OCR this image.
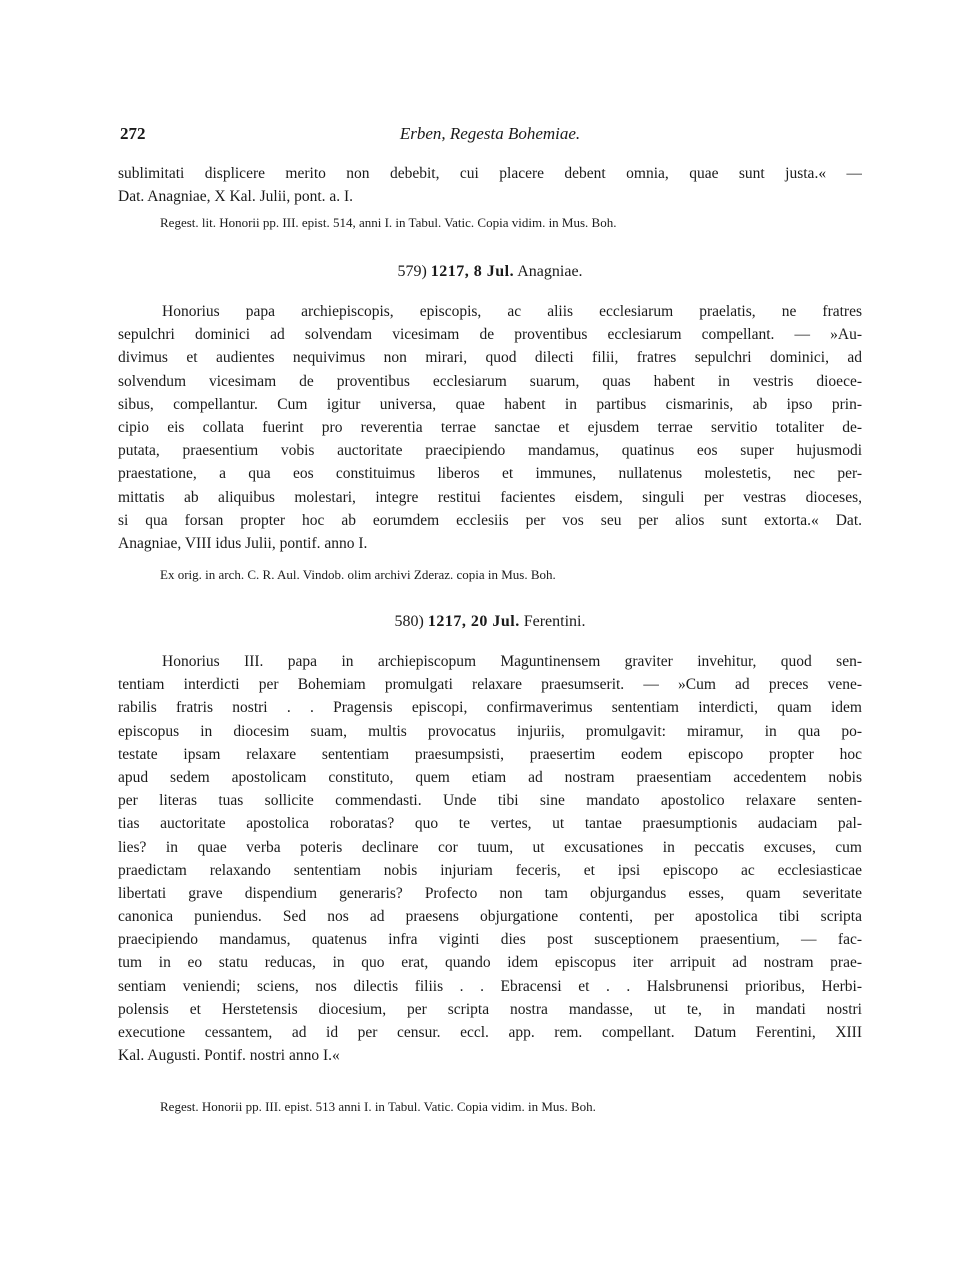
272	Erben, Regesta Bohemiae.
sublimitati displicere merito non debebit, cui placere debent omnia, quae sunt justa.« —
Dat. Anagniae, X Kal. Julii, pont. a. I.
Regest. lit. Honorii pp. III. epist. 514, anni I. in Tabul. Vatic. Copia vidim. in Mus. Boh.
579) 1217, 8 Jul. Anagniae.
Honorius papa archiepiscopis, episcopis, ac aliis ecclesiarum praelatis, ne fratres
sepulchri dominici ad solvendam vicesimam de proventibus ecclesiarum compellant. — »Au-
divimus et audientes nequivimus non mirari, quod dilecti filii, fratres sepulchri dominici, ad
solvendum vicesimam de proventibus ecclesiarum suarum, quas habent in vestris dioece-
sibus, compellantur. Cum igitur universa, quae habent in partibus cismarinis, ab ipso prin-
cipio eis collata fuerint pro reverentia terrae sanctae et ejusdem terrae servitio totaliter de-
putata, praesentium vobis auctoritate praecipiendo mandamus, quatinus eos super hujusmodi
praestatione, a qua eos constituimus liberos et immunes, nullatenus molestetis, nec per-
mittatis ab aliquibus molestari, integre restitui facientes eisdem, singuli per vestras dioceses,
si qua forsan propter hoc ab eorumdem ecclesiis per vos seu per alios sunt extorta.« Dat.
Anagniae, VIII idus Julii, pontif. anno I.
Ex orig. in arch. C. R. Aul. Vindob. olim archivi Zderaz. copia in Mus. Boh.
580) 1217, 20 Jul. Ferentini.
Honorius III. papa in archiepiscopum Maguntinensem graviter invehitur, quod sen-
tentiam interdicti per Bohemiam promulgati relaxare praesumserit. — »Cum ad preces vene-
rabilis fratris nostri . . Pragensis episcopi, confirmaverimus sententiam interdicti, quam idem
episcopus in diocesim suam, multis provocatus injuriis, promulgavit: miramur, in qua po-
testate ipsam relaxare sententiam praesumpsisti, praesertim eodem episcopo propter hoc
apud sedem apostolicam constituto, quem etiam ad nostram praesentiam accedentem nobis
per literas tuas sollicite commendasti. Unde tibi sine mandato apostolico relaxare senten-
tias auctoritate apostolica roboratas? quo te vertes, ut tantae praesumptionis audaciam pal-
lies? in quae verba poteris declinare cor tuum, ut excusationes in peccatis excuses, cum
praedictam relaxando sententiam nobis injuriam feceris, et ipsi episcopo ac ecclesiasticae
libertati grave dispendium generaris? Profecto non tam objurgandus esses, quam severitate
canonica puniendus. Sed nos ad praesens objurgatione contenti, per apostolica tibi scripta
praecipiendo mandamus, quatenus infra viginti dies post susceptionem praesentium, — fac-
tum in eo statu reducas, in quo erat, quando idem episcopus iter arripuit ad nostram prae-
sentiam veniendi; sciens, nos dilectis filiis . . Ebracensi et . . Halsbrunensi prioribus, Herbi-
polensis et Herstetensis diocesium, per scripta nostra mandasse, ut te, in mandati nostri
executione cessantem, ad id per censur. eccl. app. rem. compellant. Datum Ferentini, XIII
Kal. Augusti. Pontif. nostri anno I.«
Regest. Honorii pp. III. epist. 513 anni I. in Tabul. Vatic. Copia vidim. in Mus. Boh.
